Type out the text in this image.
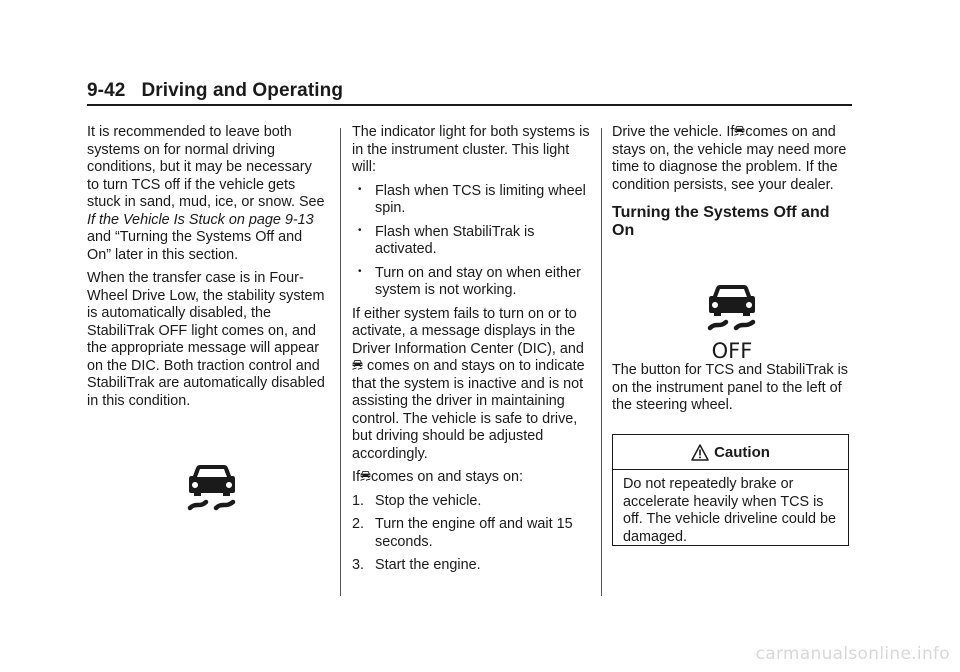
9-42 Driving and Operating

It is recommended to leave both systems on for normal driving conditions, but it may be necessary to turn TCS off if the vehicle gets stuck in sand, mud, ice, or snow. See If the Vehicle Is Stuck on page 9-13 and “Turning the Systems Off and On” later in this section.

When the transfer case is in Four-Wheel Drive Low, the stability system is automatically disabled, the StabiliTrak OFF light comes on, and the appropriate message will appear on the DIC. Both traction control and StabiliTrak are automatically disabled in this condition.

The indicator light for both systems is in the instrument cluster. This light will:

• Flash when TCS is limiting wheel spin.
• Flash when StabiliTrak is activated.
• Turn on and stay on when either system is not working.

If either system fails to turn on or to activate, a message displays in the Driver Information Center (DIC), and
comes on and stays on to indicate that the system is inactive and is not assisting the driver in maintaining control. The vehicle is safe to drive, but driving should be adjusted accordingly.

If comes on and stays on:

1. Stop the vehicle.
2. Turn the engine off and wait 15 seconds.
3. Start the engine.

Drive the vehicle. If comes on and stays on, the vehicle may need more time to diagnose the problem. If the condition persists, see your dealer.

Turning the Systems Off and On

The button for TCS and StabiliTrak is on the instrument panel to the left of the steering wheel.

OFF
Caution
Do not repeatedly brake or accelerate heavily when TCS is off. The vehicle driveline could be damaged.
carmanualsonline.info
